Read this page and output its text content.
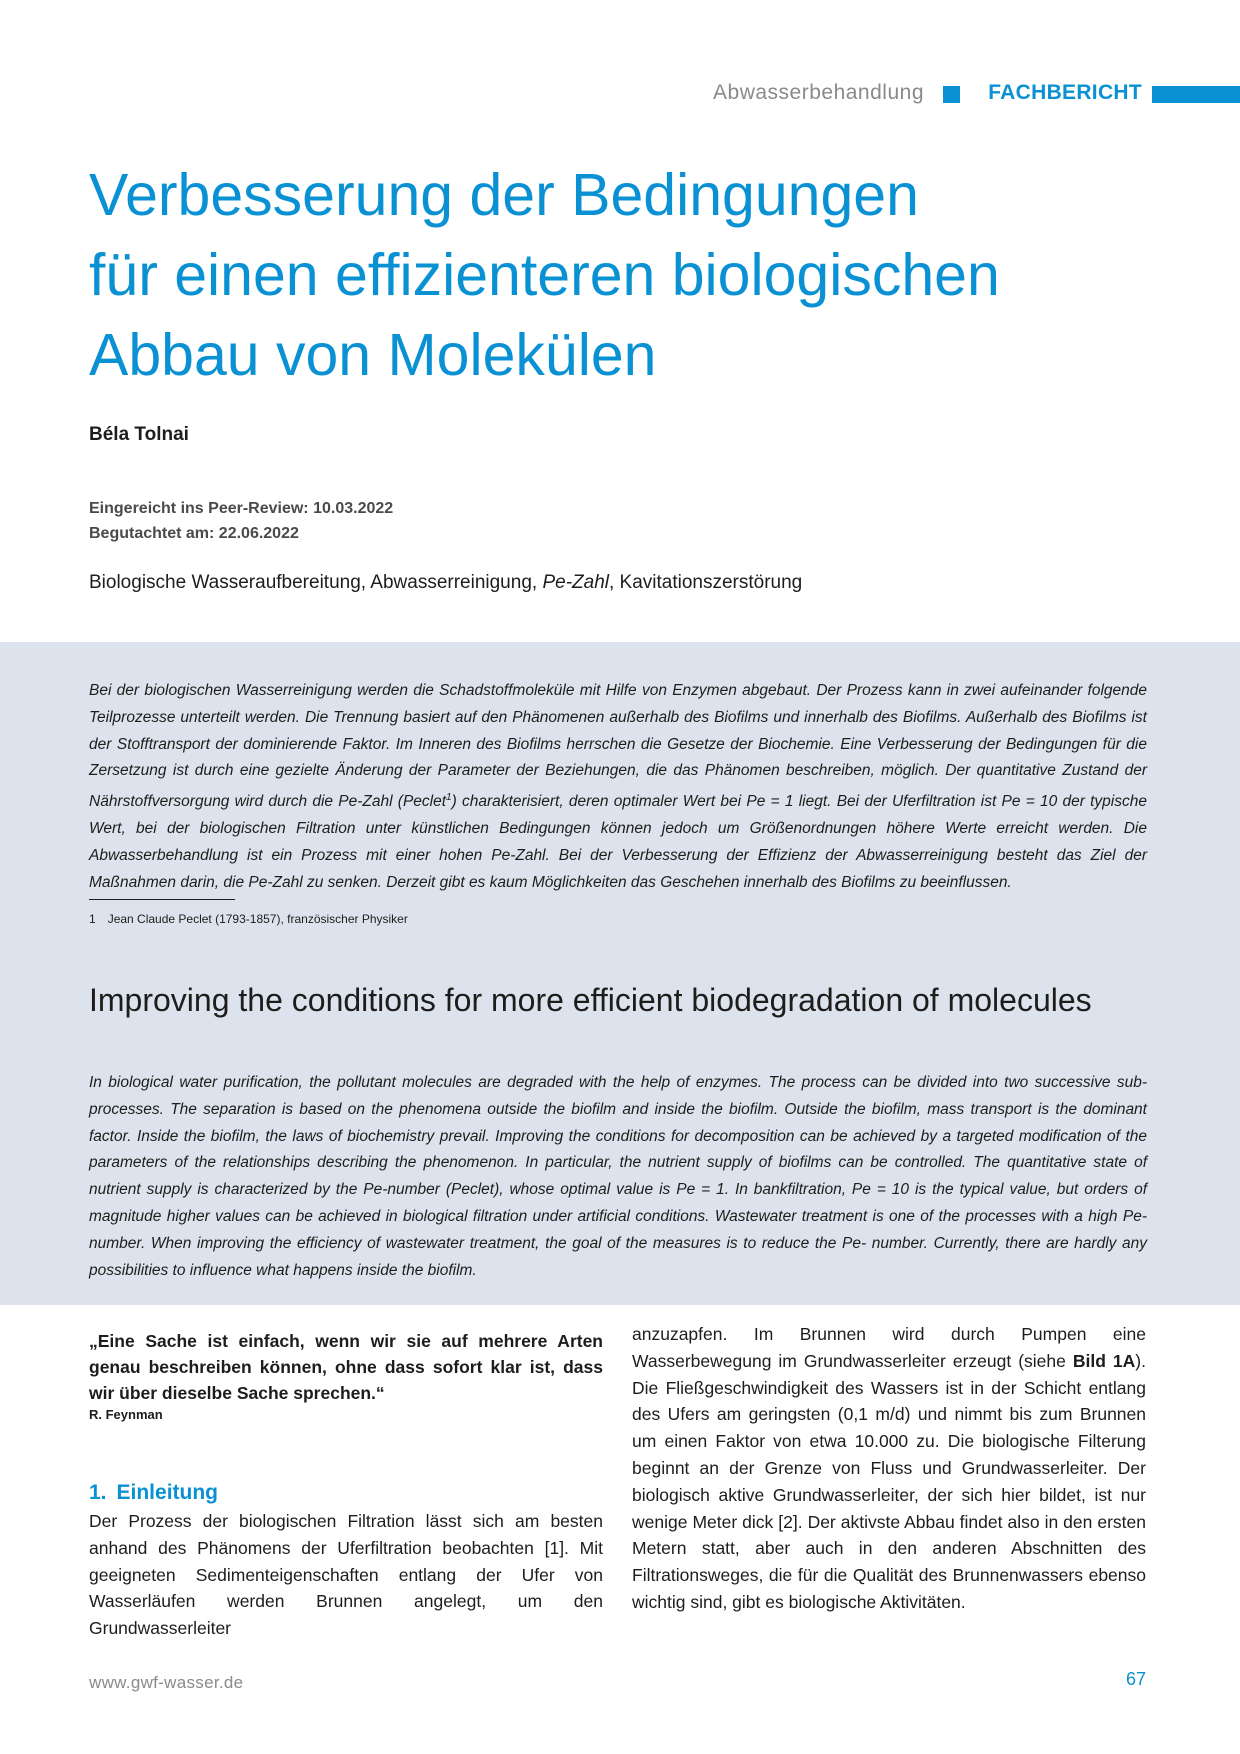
Abwasserbehandlung	FACHBERICHT
Verbesserung der Bedingungen
für einen effizienteren biologischen
Abbau von Molekülen
Béla Tolnai
Eingereicht ins Peer-Review: 10.03.2022
Begutachtet am: 22.06.2022
Biologische Wasseraufbereitung, Abwasserreinigung, Pe-Zahl, Kavitationszerstörung

Bei der biologischen Wasserreinigung werden die Schadstoffmoleküle mit Hilfe von Enzymen abgebaut. Der Prozess kann in zwei aufeinander folgende Teilprozesse unterteilt werden. Die Trennung basiert auf den Phänomenen außerhalb des Biofilms und innerhalb des Biofilms. Außerhalb des Biofilms ist der Stofftransport der dominierende Faktor. Im Inneren des Biofilms herrschen die Gesetze der Biochemie. Eine Verbesserung der Bedingungen für die Zersetzung ist durch eine gezielte Änderung der Parameter der Beziehungen, die das Phänomen beschreiben, möglich. Der quantitative Zustand der Nährstoffversorgung wird durch die Pe-Zahl (Peclet$^1$) charakterisiert, deren optimaler Wert bei Pe = 1 liegt. Bei der Uferfiltration ist Pe = 10 der typische Wert, bei der biologischen Filtration unter künstlichen Bedingungen können jedoch um Größenordnungen höhere Werte erreicht werden. Die Abwasserbehandlung ist ein Prozess mit einer hohen Pe-Zahl. Bei der Verbesserung der Effizienz der Abwasserreinigung besteht das Ziel der Maßnahmen darin, die Pe-Zahl zu senken. Derzeit gibt es kaum Möglichkeiten das Geschehen innerhalb des Biofilms zu beeinflussen.

1 Jean Claude Peclet (1793-1857), französischer Physiker
Improving the conditions for more efficient biodegradation of molecules

In biological water purification, the pollutant molecules are degraded with the help of enzymes. The process can be divided into two successive sub-processes. The separation is based on the phenomena outside the biofilm and inside the biofilm. Outside the biofilm, mass transport is the dominant factor. Inside the biofilm, the laws of biochemistry prevail. Improving the conditions for decomposition can be achieved by a targeted modification of the parameters of the relationships describing the phenomenon. In particular, the nutrient supply of biofilms can be controlled. The quantitative state of nutrient supply is characterized by the Pe-number (Peclet), whose optimal value is Pe = 1. In bankfiltration, Pe = 10 is the typical value, but orders of magnitude higher values can be achieved in biological filtration under artificial conditions. Wastewater treatment is one of the processes with a high Pe-number. When improving the efficiency of wastewater treatment, the goal of the measures is to reduce the Pe- number. Currently, there are hardly any possibilities to influence what happens inside the biofilm.

„Eine Sache ist einfach, wenn wir sie auf mehrere Arten genau beschreiben können, ohne dass sofort klar ist, dass wir über dieselbe Sache sprechen.“

R. Feynman

1. Einleitung

Der Prozess der biologischen Filtration lässt sich am besten anhand des Phänomens der Uferfiltration beobachten [1]. Mit geeigneten Sedimenteigenschaften entlang der Ufer von Wasserläufen werden Brunnen angelegt, um den Grundwasserleiter

anzuzapfen. Im Brunnen wird durch Pumpen eine Wasserbewegung im Grundwasserleiter erzeugt (siehe Bild 1A). Die Fließgeschwindigkeit des Wassers ist in der Schicht entlang des Ufers am geringsten (0,1 m/d) und nimmt bis zum Brunnen um einen Faktor von etwa 10.000 zu. Die biologische Filterung beginnt an der Grenze von Fluss und Grundwasserleiter. Der biologisch aktive Grundwasserleiter, der sich hier bildet, ist nur wenige Meter dick [2]. Der aktivste Abbau findet also in den ersten Metern statt, aber auch in den anderen Abschnitten des Filtrationsweges, die für die Qualität des Brunnenwassers ebenso wichtig sind, gibt es biologische Aktivitäten.

www.gwf-wasser.de	67
